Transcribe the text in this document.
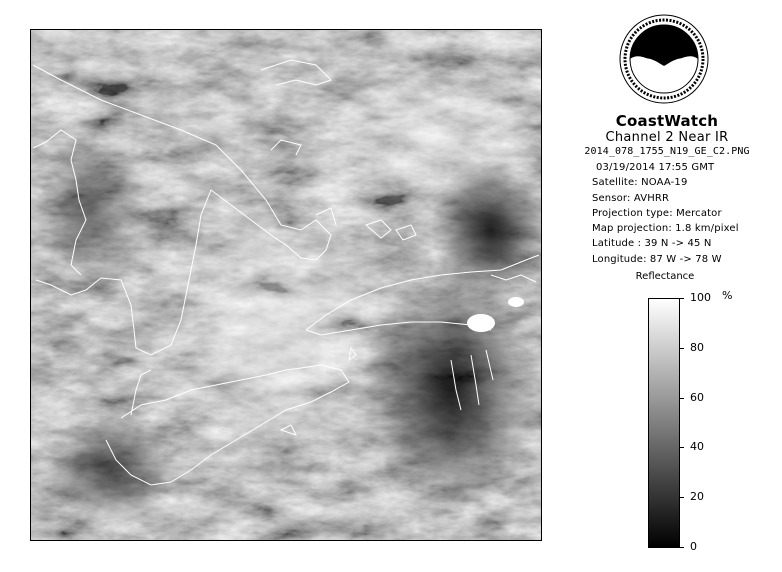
CoastWatch
Channel 2 Near IR
2014_078_1755_N19_GE_C2.PNG
03/19/2014 17:55 GMT
Satellite: NOAA-19
Sensor: AVHRR
Projection type: Mercator
Map projection: 1.8 km/pixel
Latitude : 39 N -> 45 N
Longitude: 87 W -> 78 W
Reflectance
%
100
80
60
40
20
0
